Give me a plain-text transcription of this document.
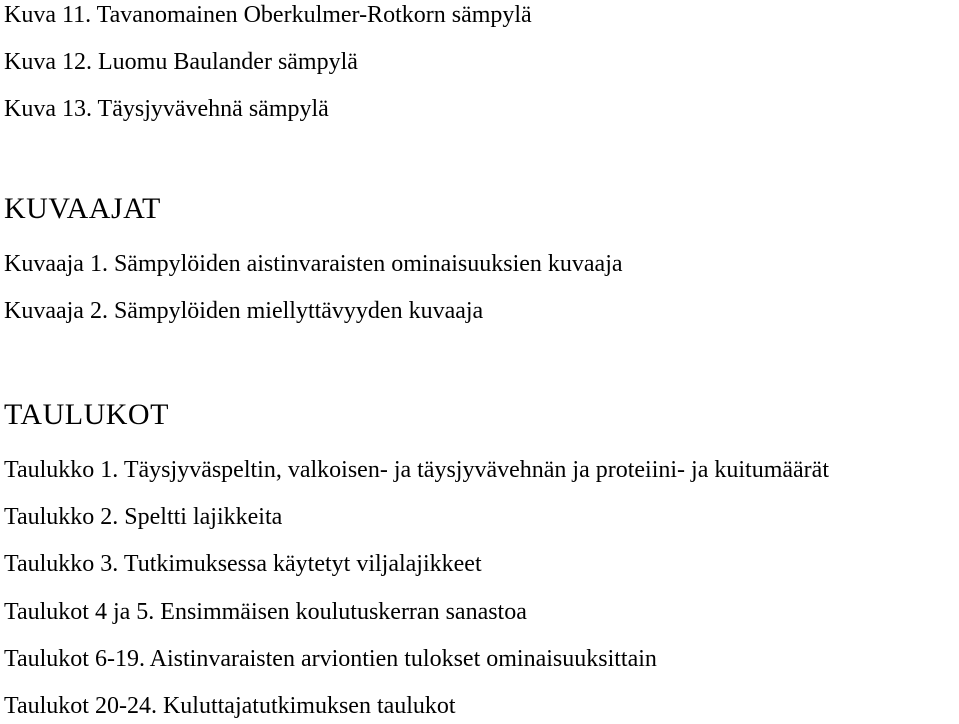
Kuva 11. Tavanomainen Oberkulmer-Rotkorn sämpylä
Kuva 12. Luomu Baulander sämpylä
Kuva 13. Täysjyvävehnä sämpylä
KUVAAJAT
Kuvaaja 1. Sämpylöiden aistinvaraisten ominaisuuksien kuvaaja
Kuvaaja 2. Sämpylöiden miellyttävyyden kuvaaja
TAULUKOT
Taulukko 1. Täysjyväspeltin, valkoisen- ja täysjyvävehnän ja proteiini- ja kuitumäärät
Taulukko 2. Speltti lajikkeita
Taulukko 3. Tutkimuksessa käytetyt viljalajikkeet
Taulukot 4 ja 5. Ensimmäisen koulutuskerran sanastoa
Taulukot 6-19. Aistinvaraisten arviontien tulokset ominaisuuksittain
Taulukot 20-24. Kuluttajatutkimuksen taulukot
